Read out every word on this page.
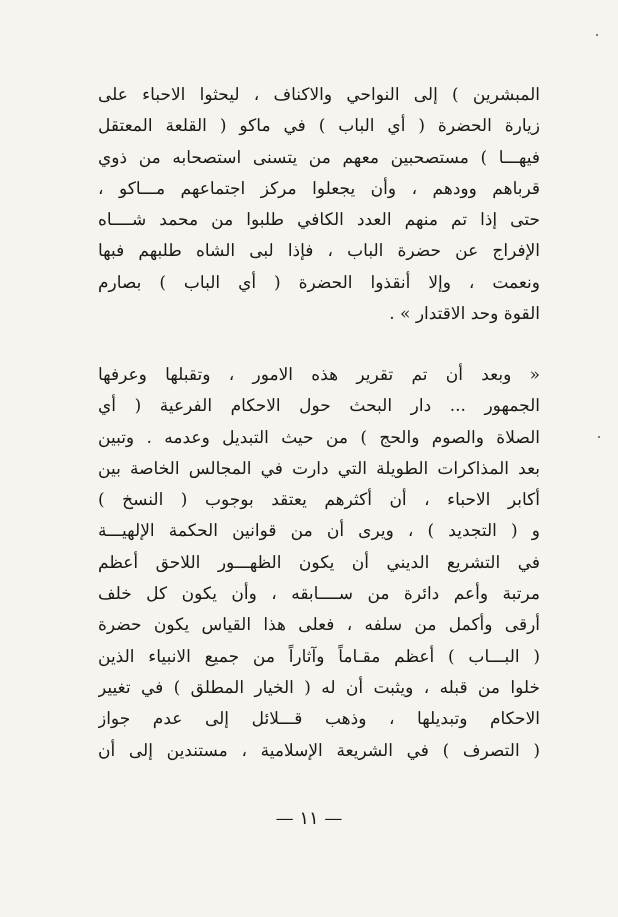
المبشرين ) إلى النواحي والاكناف ، ليحثوا الاحباء على
زيارة الحضرة ( أي الباب ) في ماكو ( القلعة المعتقل
فيهـــا ) مستصحبين معهم من يتسنى استصحابه من ذوي
قرباهم وودهم ، وأن يجعلوا مركز اجتماعهم مـــاكو ،
حتى إذا تم منهم العدد الكافي طلبوا من محمد شــــاه
الإفراج عن حضرة الباب ، فإذا لبى الشاه طلبهم فبها
ونعمت ، وإلا أنقذوا الحضرة ( أي الباب ) بصارم
القوة وحد الاقتدار » .
« وبعد أن تم تقرير هذه الامور ، وتقبلها وعرفها
الجمهور ... دار البحث حول الاحكام الفرعية ( أي
الصلاة والصوم والحج ) من حيث التبديل وعدمه . وتبين
بعد المذاكرات الطويلة التي دارت في المجالس الخاصة بين
أكابر الاحباء ، أن أكثرهم يعتقد بوجوب ( النسخ )
و ( التجديد ) ، ويرى أن من قوانين الحكمة الإلهيـــة
في التشريع الديني أن يكون الظهـــور اللاحق أعظم
مرتبة وأعم دائرة من ســــابقه ، وأن يكون كل خلف
أرقى وأكمل من سلفه ، فعلى هذا القياس يكون حضرة
( البـــاب ) أعظم مقـاماً وآثاراً من جميع الانبياء الذين
خلوا من قبله ، ويثبت أن له ( الخيار المطلق ) في تغيير
الاحكام وتبديلها ، وذهب قـــلائل إلى عدم جواز
( التصرف ) في الشريعة الإسلامية ، مستندين إلى أن
— ١١ —
